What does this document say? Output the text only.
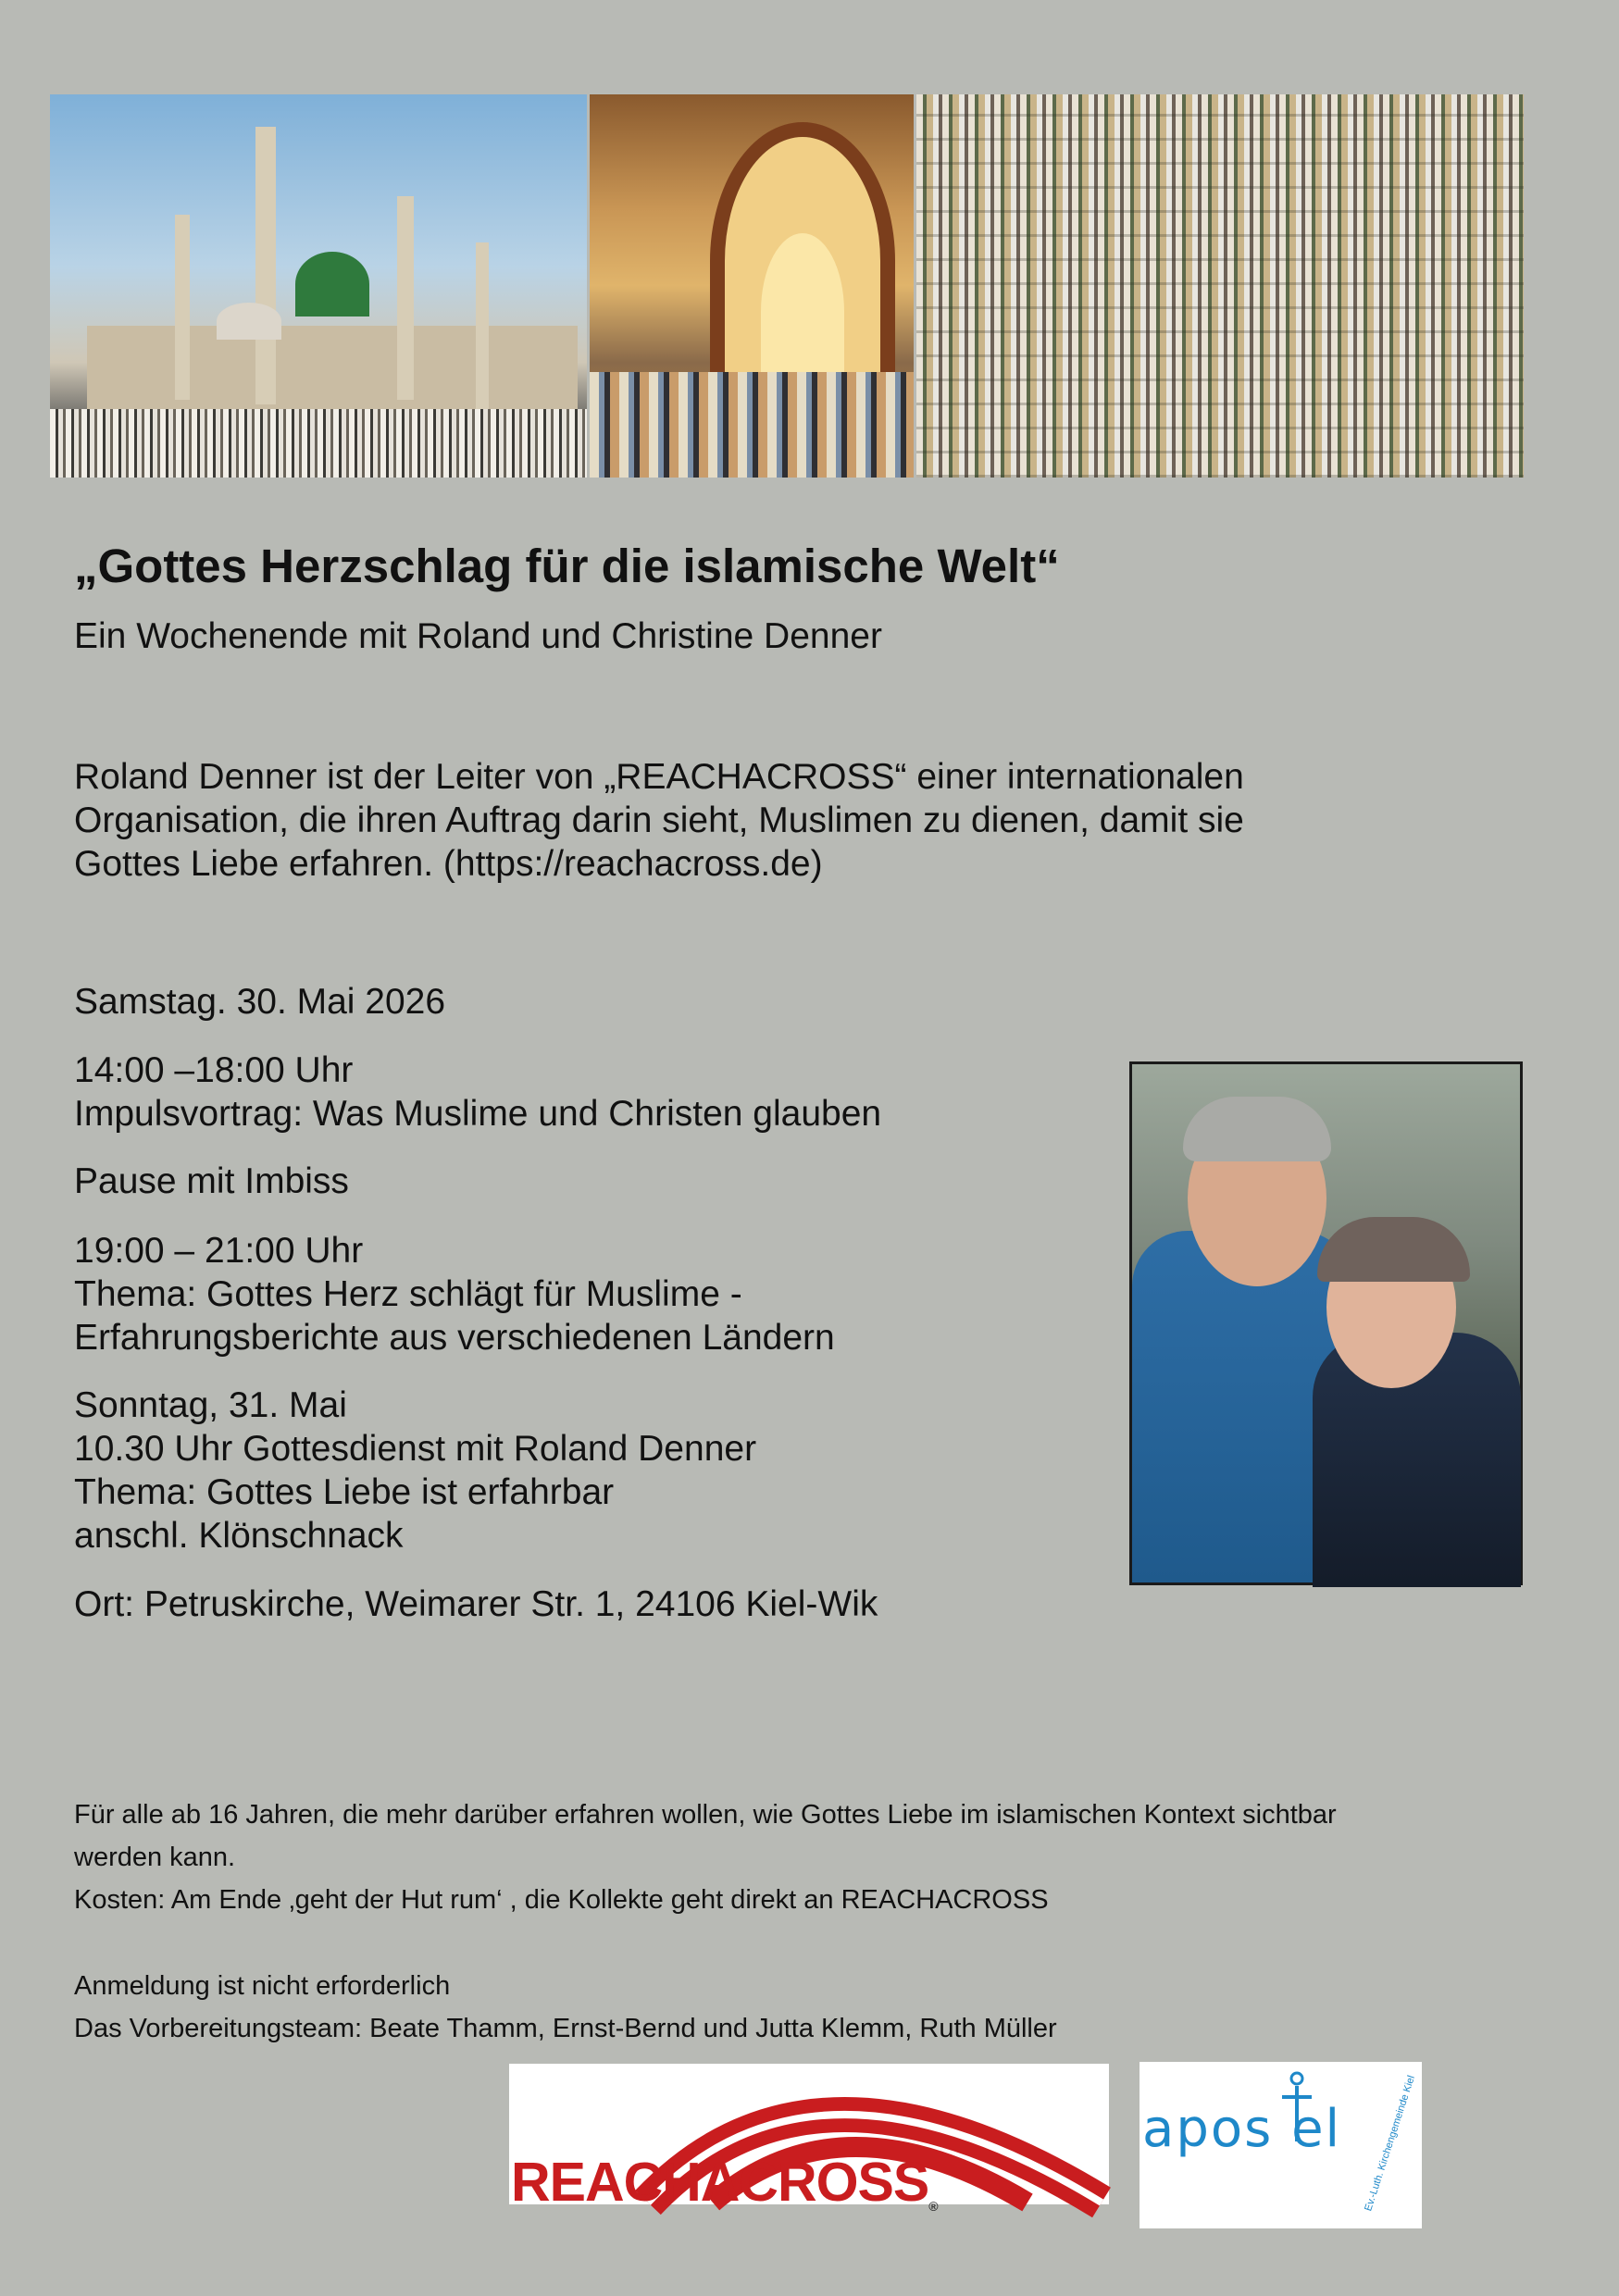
„Gottes Herzschlag für die islamische Welt“
Ein Wochenende mit Roland und Christine Denner
Roland Denner ist der Leiter von „REACHACROSS“ einer internationalen
Organisation, die ihren Auftrag darin sieht, Muslimen zu dienen, damit sie
Gottes Liebe erfahren. (https://reachacross.de)
Samstag. 30. Mai 2026
14:00 –18:00 Uhr
Impulsvortrag: Was Muslime und Christen glauben
Pause mit Imbiss
19:00 – 21:00 Uhr
Thema: Gottes Herz schlägt für Muslime -
Erfahrungsberichte aus verschiedenen Ländern
Sonntag, 31. Mai
10.30 Uhr Gottesdienst mit Roland Denner
Thema: Gottes Liebe ist erfahrbar
anschl. Klönschnack
Ort: Petruskirche, Weimarer Str. 1, 24106 Kiel-Wik
Für alle ab 16 Jahren, die mehr darüber erfahren wollen, wie Gottes Liebe im islamischen Kontext sichtbar
werden kann.
Kosten: Am Ende ‚geht der Hut rum‘ , die Kollekte geht direkt an REACHACROSS
Anmeldung ist nicht erforderlich
Das Vorbereitungsteam: Beate Thamm, Ernst-Bernd und Jutta Klemm, Ruth Müller
REACHACROSS®
apos el Ev.-Luth. Kirchengemeinde Kiel
